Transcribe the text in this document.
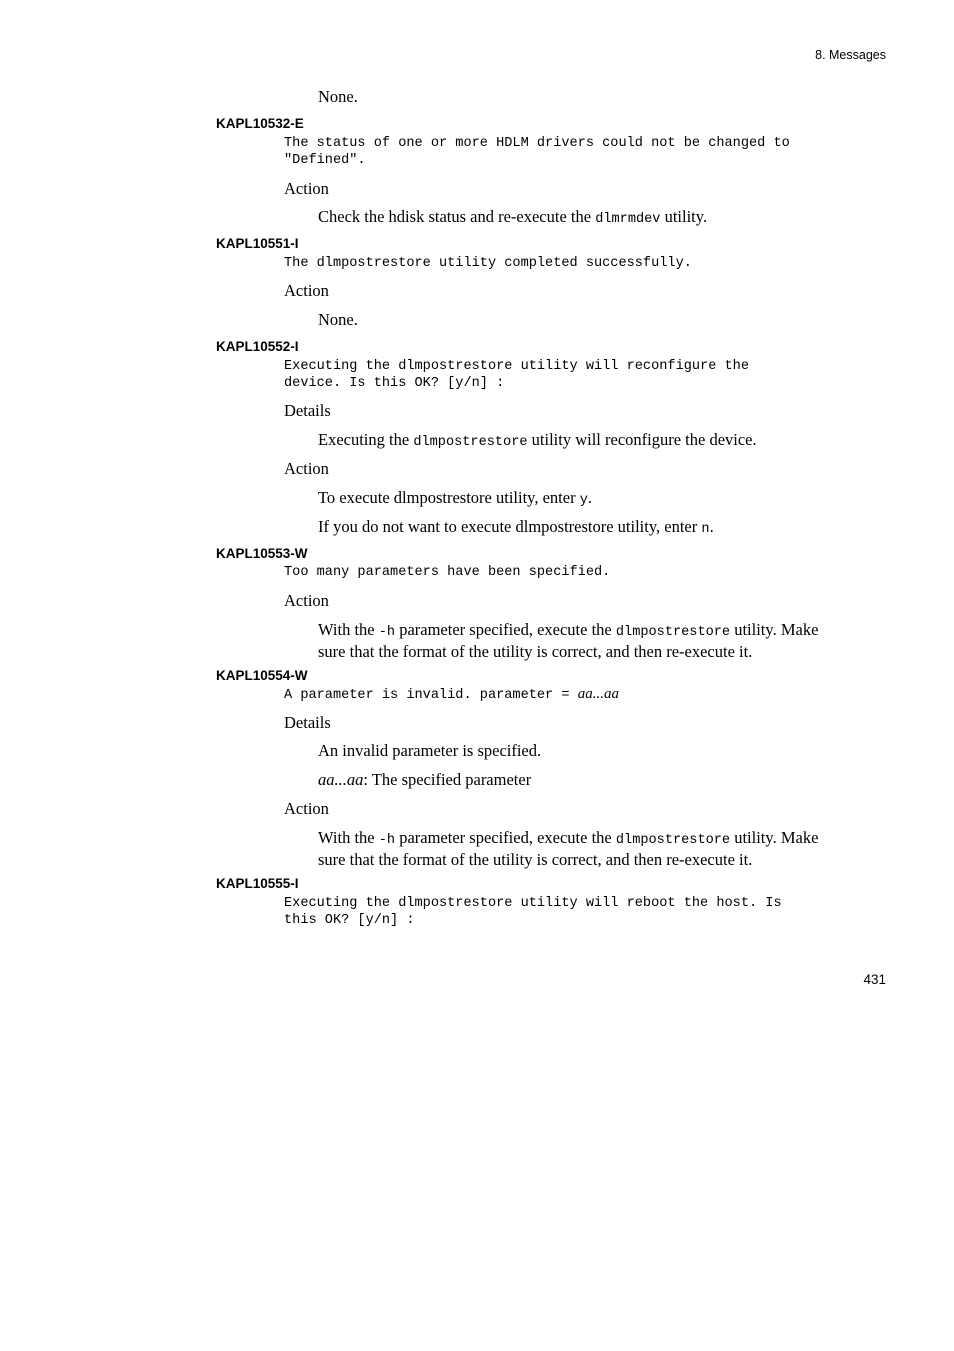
8. Messages
None.
KAPL10532-E
The status of one or more HDLM drivers could not be changed to
"Defined".
Action
Check the hdisk status and re-execute the dlmrmdev utility.
KAPL10551-I
The dlmpostrestore utility completed successfully.
Action
None.
KAPL10552-I
Executing the dlmpostrestore utility will reconfigure the
device. Is this OK? [y/n] :
Details
Executing the dlmpostrestore utility will reconfigure the device.
Action
To execute dlmpostrestore utility, enter y.
If you do not want to execute dlmpostrestore utility, enter n.
KAPL10553-W
Too many parameters have been specified.
Action
With the -h parameter specified, execute the dlmpostrestore utility. Make
sure that the format of the utility is correct, and then re-execute it.
KAPL10554-W
A parameter is invalid. parameter = aa...aa
Details
An invalid parameter is specified.
aa...aa: The specified parameter
Action
With the -h parameter specified, execute the dlmpostrestore utility. Make
sure that the format of the utility is correct, and then re-execute it.
KAPL10555-I
Executing the dlmpostrestore utility will reboot the host. Is
this OK? [y/n] :
431
